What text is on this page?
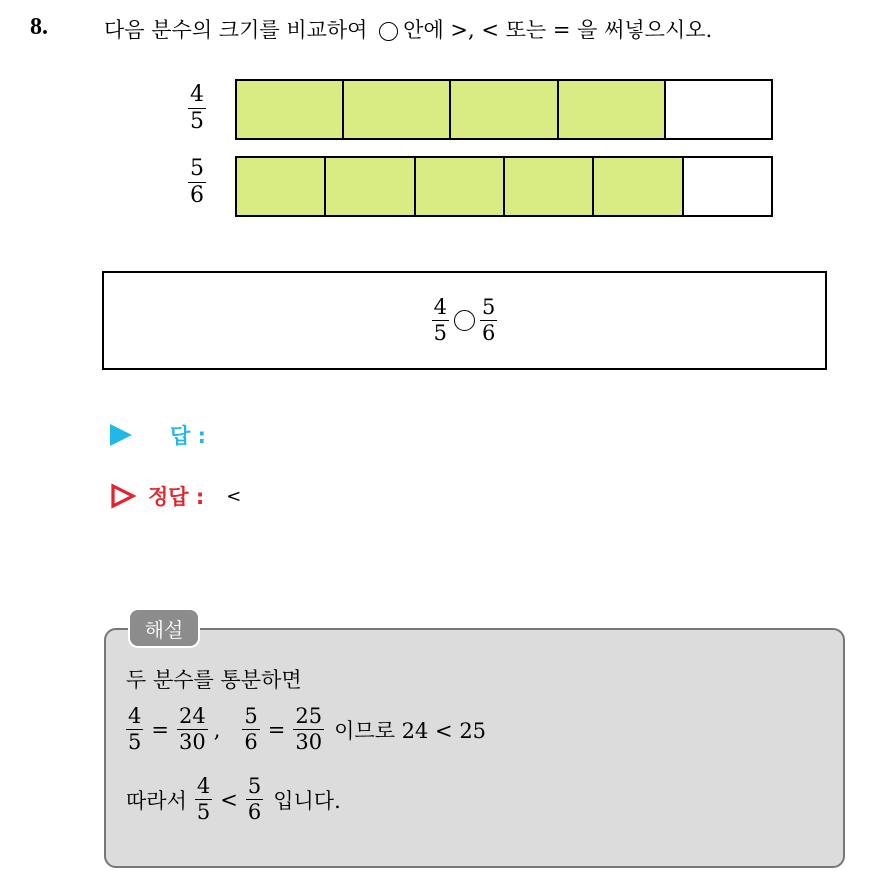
8.	다음 분수의 크기를 비교하여 안에 >, < 또는 = 을 써넣으시오.
$\frac{4}{5}$
$\frac{5}{6}$
$\frac{4}{5} \frac{5}{6}$
답 :
정답 : <
해설
두 분수를 통분하면
$\frac{4}{5} = \frac{24}{30}$ , $\frac{5}{6} = \frac{25}{30}$ 이므로 24 < 25
따라서 $\frac{4}{5} < \frac{5}{6}$ 입니다.
